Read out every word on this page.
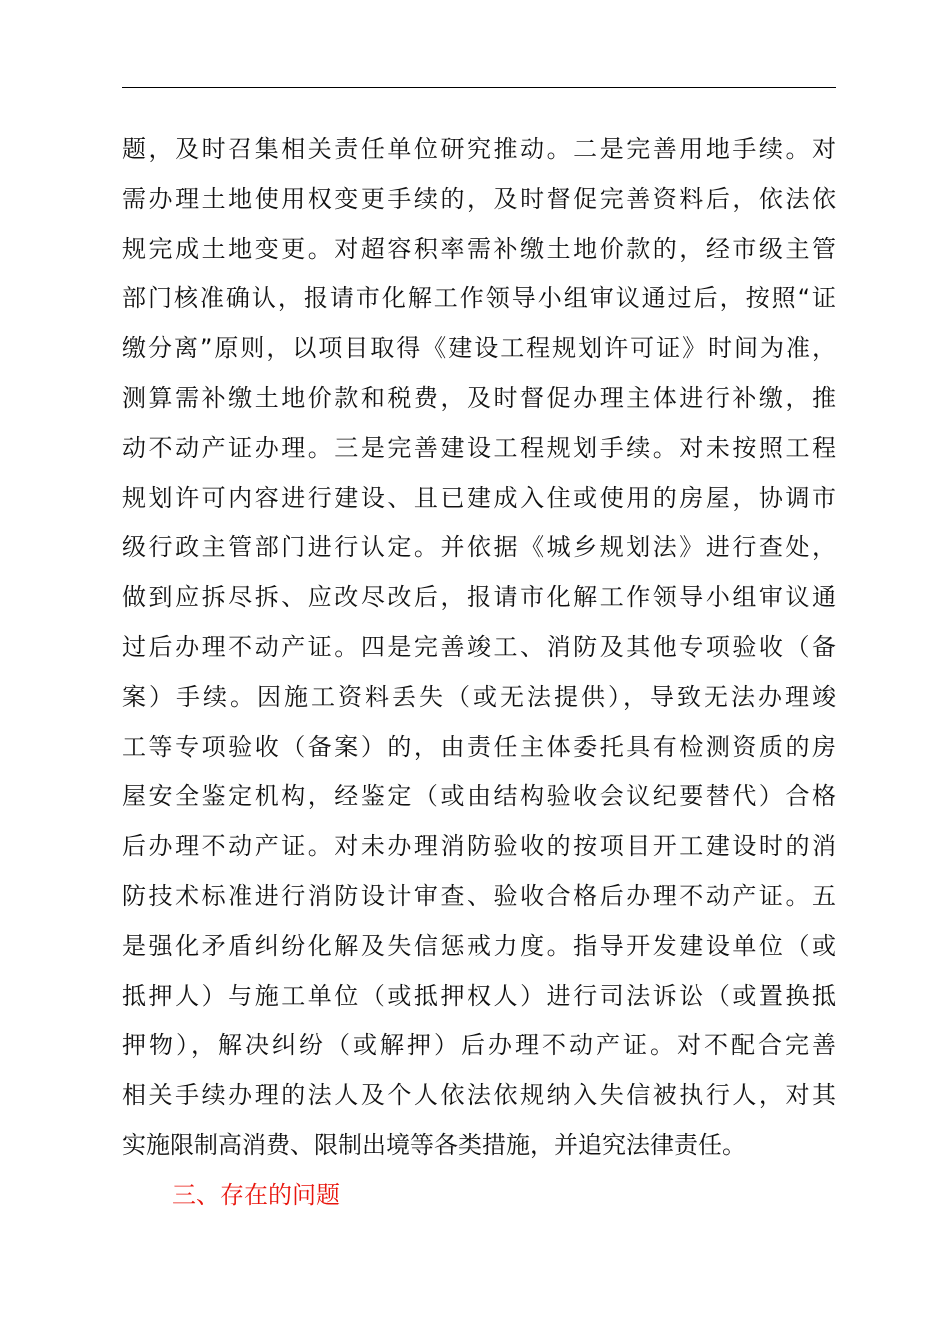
题，及时召集相关责任单位研究推动。二是完善用地手续。对
需办理土地使用权变更手续的，及时督促完善资料后，依法依
规完成土地变更。对超容积率需补缴土地价款的，经市级主管
部门核准确认，报请市化解工作领导小组审议通过后，按照“证
缴分离”原则，以项目取得《建设工程规划许可证》时间为准，
测算需补缴土地价款和税费，及时督促办理主体进行补缴，推
动不动产证办理。三是完善建设工程规划手续。对未按照工程
规划许可内容进行建设、且已建成入住或使用的房屋，协调市
级行政主管部门进行认定。并依据《城乡规划法》进行查处，
做到应拆尽拆、应改尽改后，报请市化解工作领导小组审议通
过后办理不动产证。四是完善竣工、消防及其他专项验收（备
案）手续。因施工资料丢失（或无法提供），导致无法办理竣
工等专项验收（备案）的，由责任主体委托具有检测资质的房
屋安全鉴定机构，经鉴定（或由结构验收会议纪要替代）合格
后办理不动产证。对未办理消防验收的按项目开工建设时的消
防技术标准进行消防设计审查、验收合格后办理不动产证。五
是强化矛盾纠纷化解及失信惩戒力度。指导开发建设单位（或
抵押人）与施工单位（或抵押权人）进行司法诉讼（或置换抵
押物），解决纠纷（或解押）后办理不动产证。对不配合完善
相关手续办理的法人及个人依法依规纳入失信被执行人，对其
实施限制高消费、限制出境等各类措施，并追究法律责任。
三、存在的问题
